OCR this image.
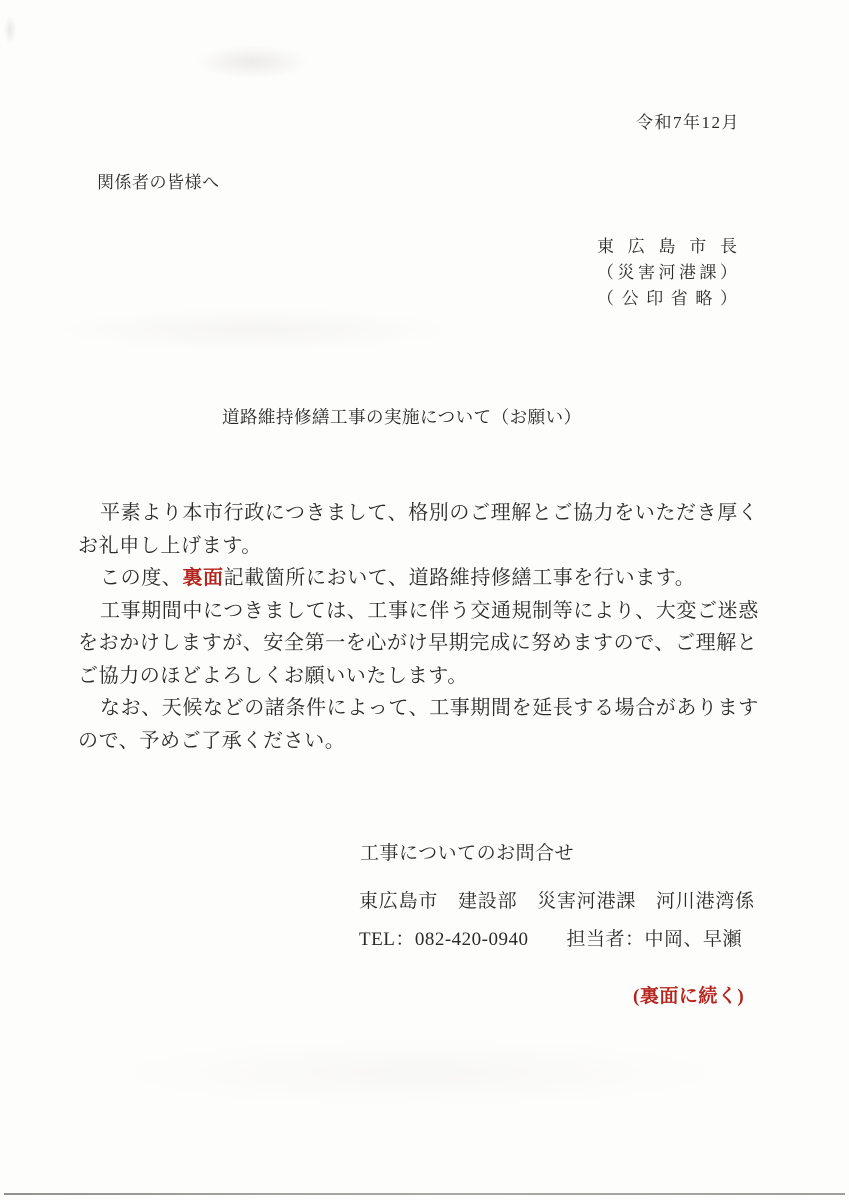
令和7年12月
関係者の皆様へ
東広島市長
（災害河港課）
（公印省略）
道路維持修繕工事の実施について（お願い）
平素より本市行政につきまして、格別のご理解とご協力をいただき厚く
お礼申し上げます。
この度、裏面記載箇所において、道路維持修繕工事を行います。
工事期間中につきましては、工事に伴う交通規制等により、大変ご迷惑
をおかけしますが、安全第一を心がけ早期完成に努めますので、ご理解と
ご協力のほどよろしくお願いいたします。
なお、天候などの諸条件によって、工事期間を延長する場合があります
ので、予めご了承ください。
工事についてのお問合せ
東広島市　建設部　災害河港課　河川港湾係
TEL：082-420-0940 担当者：中岡、早瀬
(裏面に続く)
